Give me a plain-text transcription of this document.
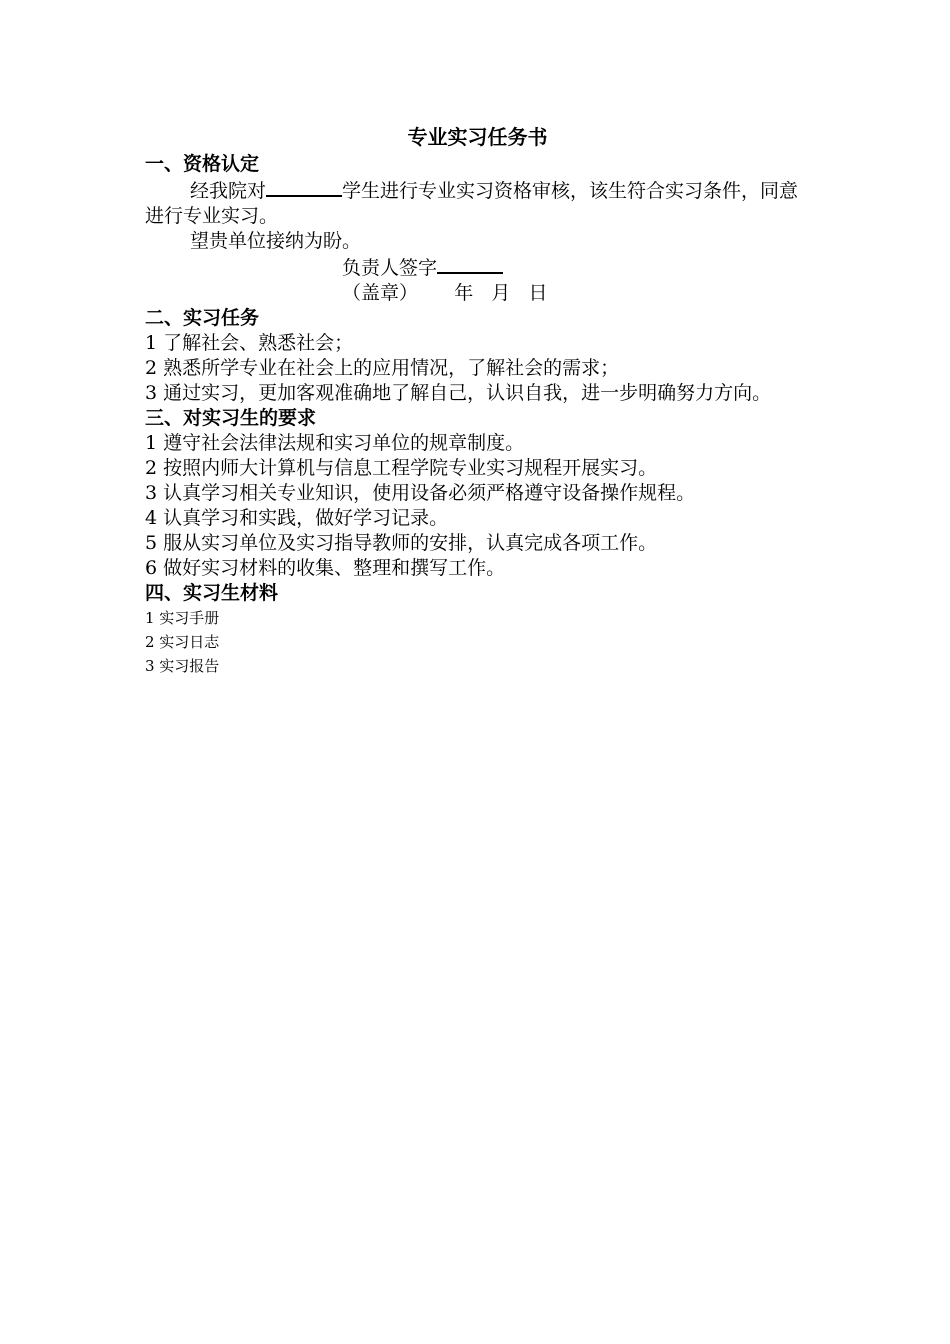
专业实习任务书
一、资格认定

经我院对	学生进行专业实习资格审核，该生符合实习条件，同意进行专业实习。

望贵单位接纳为盼。

负责人签字

（盖章） 年   月   日

二、实习任务
1 了解社会、熟悉社会；
2 熟悉所学专业在社会上的应用情况，了解社会的需求；
3 通过实习，更加客观准确地了解自己，认识自我，进一步明确努力方向。
三、对实习生的要求
1 遵守社会法律法规和实习单位的规章制度。
2 按照内师大计算机与信息工程学院专业实习规程开展实习。
3 认真学习相关专业知识，使用设备必须严格遵守设备操作规程。
4 认真学习和实践，做好学习记录。
5 服从实习单位及实习指导教师的安排，认真完成各项工作。
6 做好实习材料的收集、整理和撰写工作。
四、实习生材料
1 实习手册
2 实习日志
3 实习报告
